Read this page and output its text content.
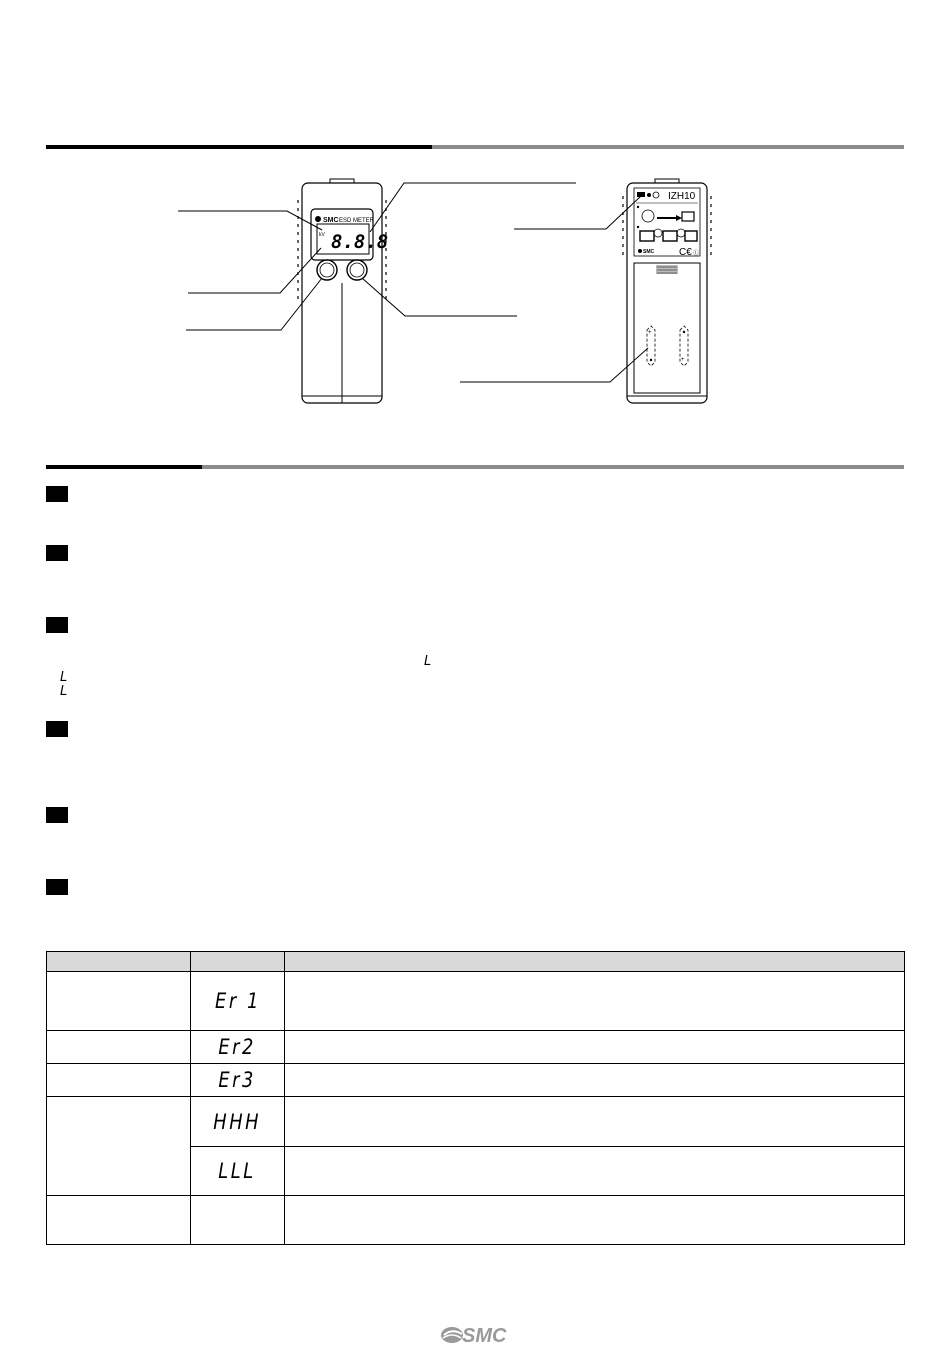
SMC ESD METER
8.8.8
kV
IZH10
SMC C€ Ⓛ
+
+
L
L
L

	Er 1	
	Er2	
	Er3	
	HHH	
	LLL	

SMC
